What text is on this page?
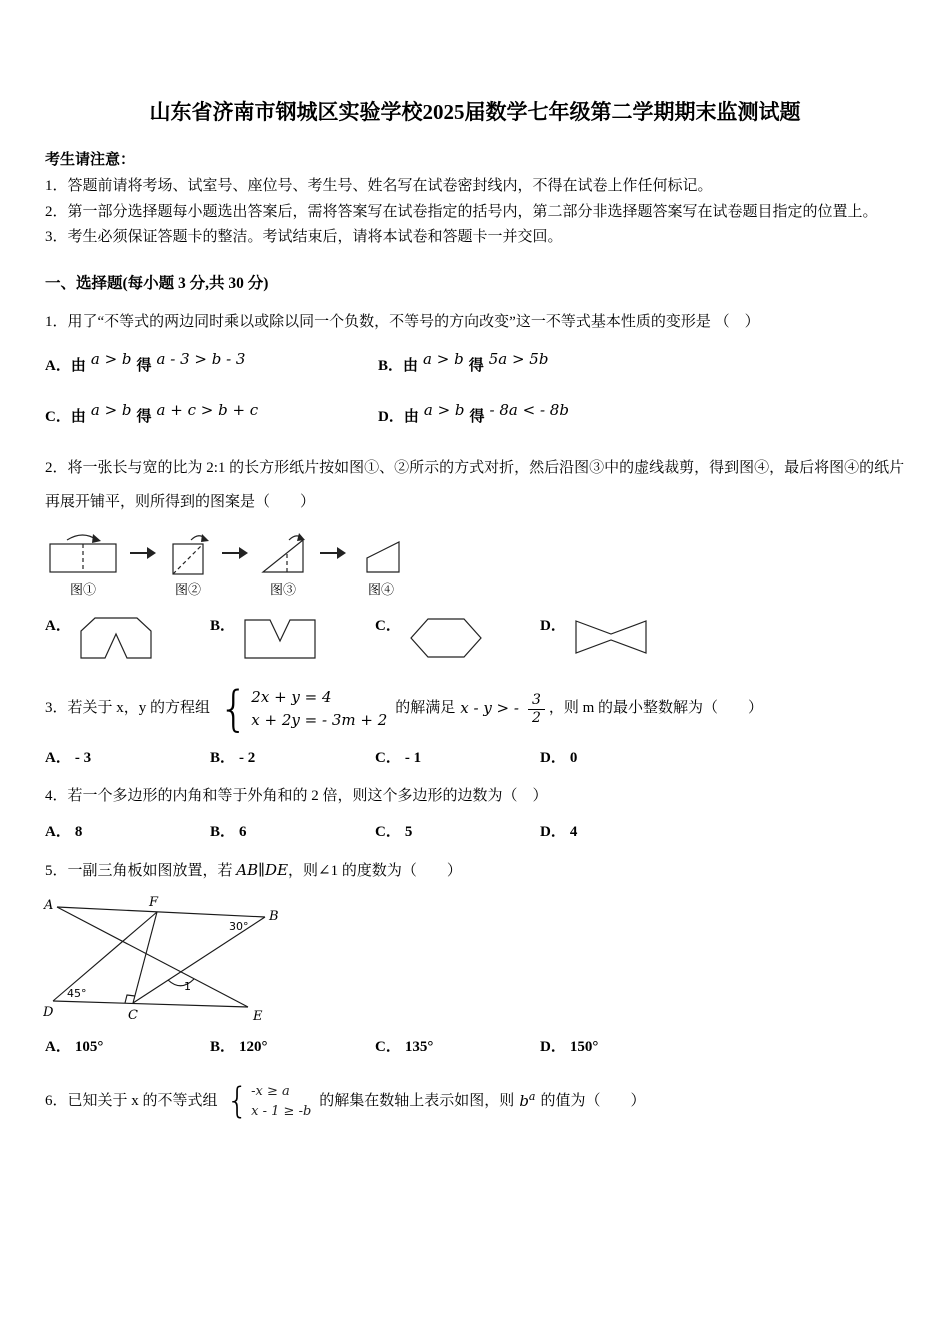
山东省济南市钢城区实验学校2025届数学七年级第二学期期末监测试题

考生请注意：

1．答题前请将考场、试室号、座位号、考生号、姓名写在试卷密封线内，不得在试卷上作任何标记。

2．第一部分选择题每小题选出答案后，需将答案写在试卷指定的括号内，第二部分非选择题答案写在试卷题目指定的位置上。

3．考生必须保证答题卡的整洁。考试结束后，请将本试卷和答题卡一并交回。

一、选择题(每小题 3 分,共 30 分)

1．用了“不等式的两边同时乘以或除以同一个负数，不等号的方向改变”这一不等式基本性质的变形是 （　）

A．由 a > b 得 a - 3 > b - 3	B．由 a > b 得 5a > 5b
C．由 a > b 得 a + c > b + c	D．由 a > b 得 - 8a < - 8b

2．将一张长与宽的比为 2:1 的长方形纸片按如图①、②所示的方式对折，然后沿图③中的虚线裁剪，得到图④，最后将图④的纸片再展开铺平，则所得到的图案是（　　）

图①	图②	图③	图④
A．	B．	C．	D．
3．若关于 x，y 的方程组 { 2x + y = 4
x + 2y = - 3m + 2
的解满足 x - y > - $\frac{3}{2}$ ，则 m 的最小整数解为（　　）
A． - 3	B． - 2	C． - 1	D． 0

4．若一个多边形的内角和等于外角和的 2 倍，则这个多边形的边数为（　）

A． 8	B． 6	C． 5	D． 4

5．一副三角板如图放置，若 AB∥DE，则∠1 的度数为（　　）

A
B
F
D	E
C
30°
45°
1
A． 105°	B． 120°	C． 135°	D． 150°
6．已知关于 x 的不等式组 { -x ≥ a
x - 1 ≥ -b
的解集在数轴上表示如图，则 $b^a$ 的值为（　　）
